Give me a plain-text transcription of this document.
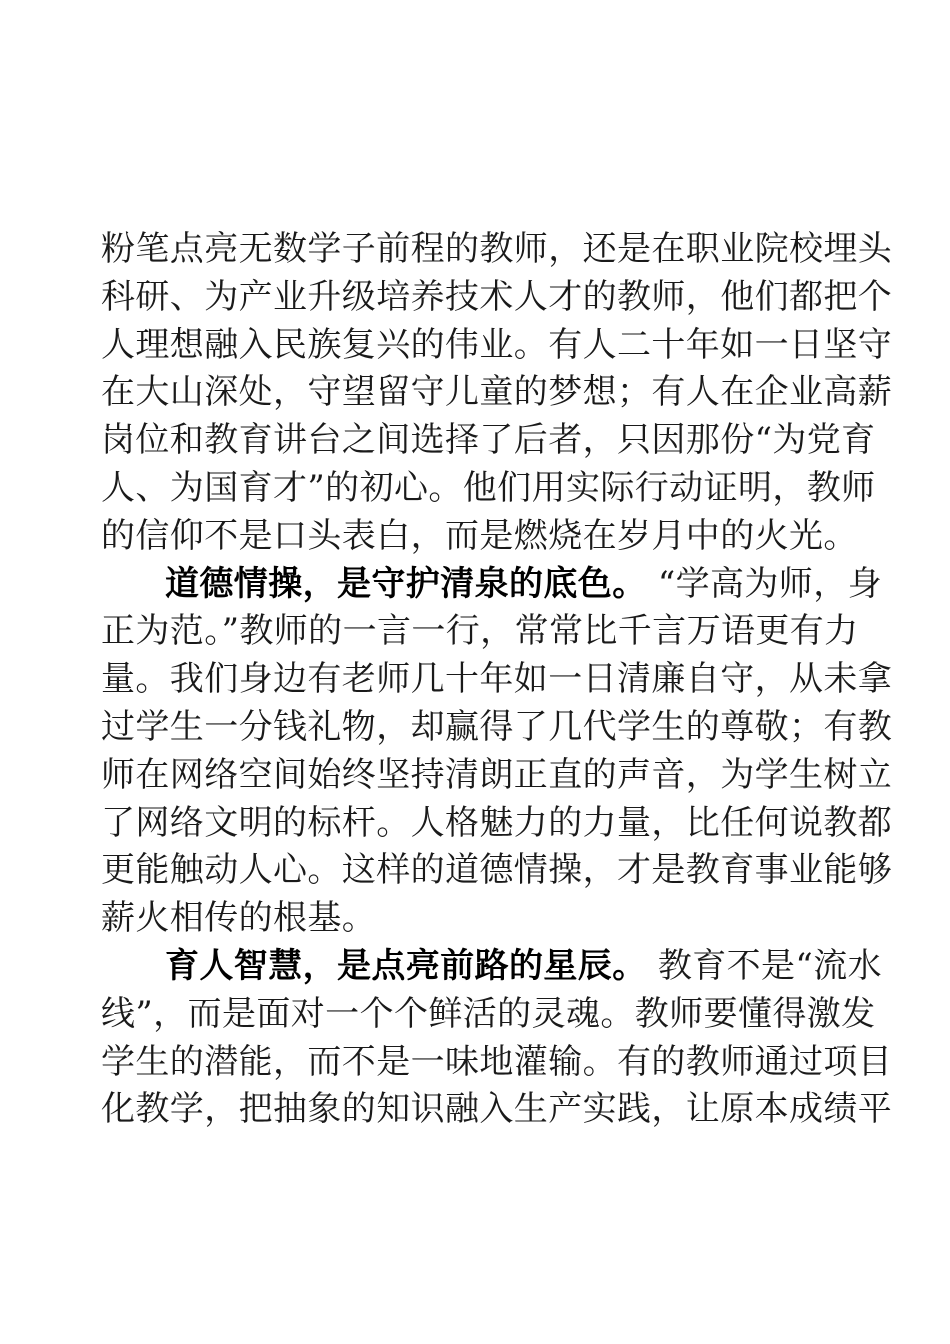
粉笔点亮无数学子前程的教师，还是在职业院校埋头
科研、为产业升级培养技术人才的教师，他们都把个
人理想融入民族复兴的伟业。有人二十年如一日坚守
在大山深处，守望留守儿童的梦想；有人在企业高薪
岗位和教育讲台之间选择了后者，只因那份“为党育
人、为国育才”的初心。他们用实际行动证明，教师
的信仰不是口头表白，而是燃烧在岁月中的火光。
道德情操，是守护清泉的底色。 “学高为师，身
正为范。”教师的一言一行，常常比千言万语更有力
量。我们身边有老师几十年如一日清廉自守，从未拿
过学生一分钱礼物，却赢得了几代学生的尊敬；有教
师在网络空间始终坚持清朗正直的声音，为学生树立
了网络文明的标杆。人格魅力的力量，比任何说教都
更能触动人心。这样的道德情操，才是教育事业能够
薪火相传的根基。
育人智慧，是点亮前路的星辰。 教育不是“流水
线”，而是面对一个个鲜活的灵魂。教师要懂得激发
学生的潜能，而不是一味地灌输。有的教师通过项目
化教学，把抽象的知识融入生产实践，让原本成绩平
